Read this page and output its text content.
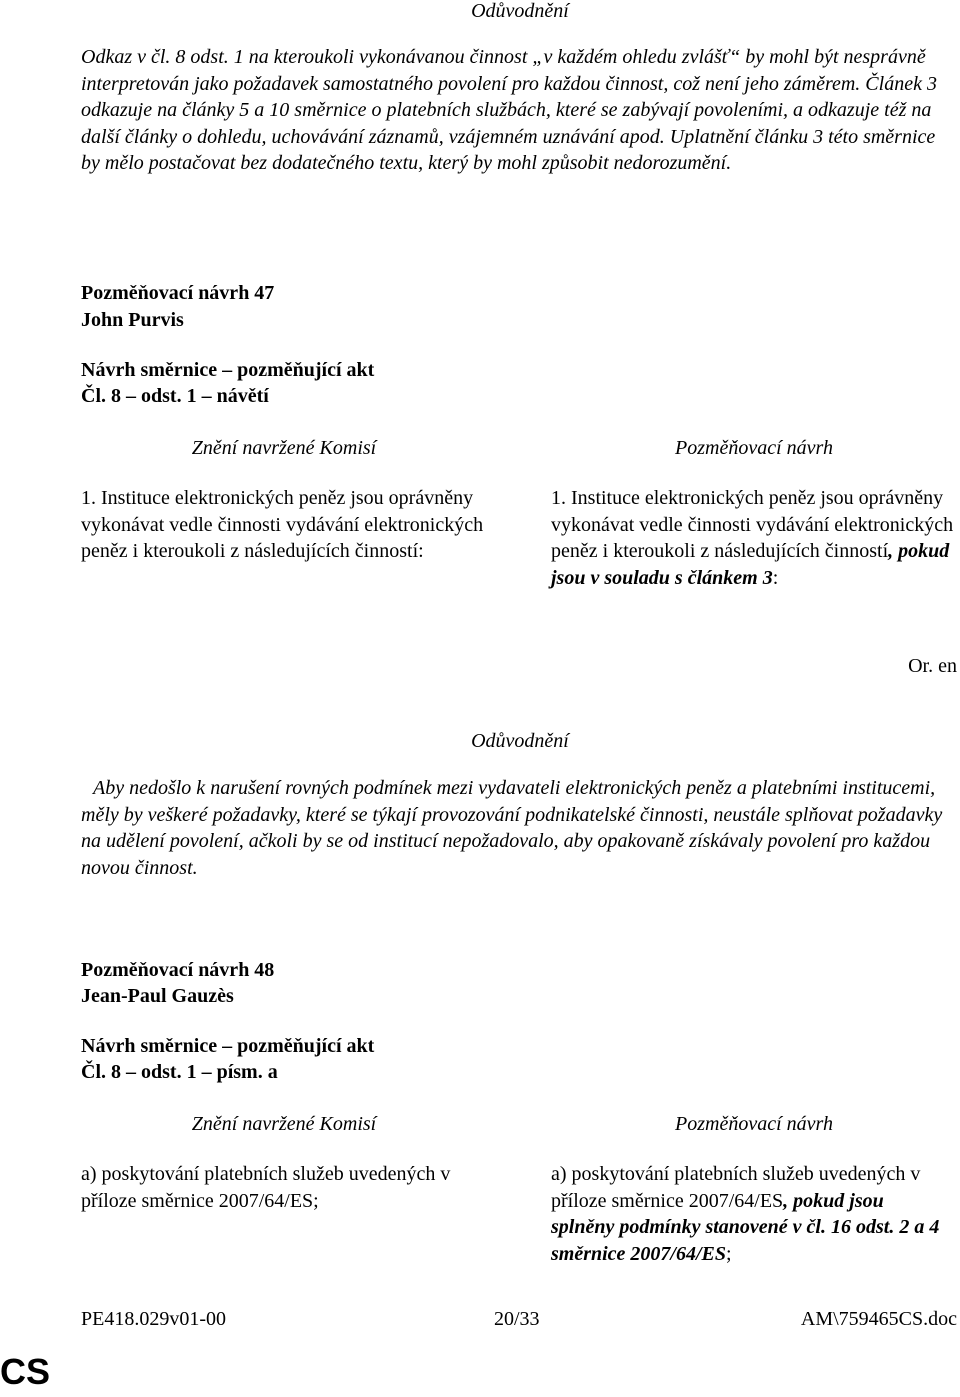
Odůvodnění
Odkaz v čl. 8 odst. 1 na kteroukoli vykonávanou činnost „v každém ohledu zvlášť“ by mohl být nesprávně interpretován jako požadavek samostatného povolení pro každou činnost, což není jeho záměrem. Článek 3 odkazuje na články 5 a 10 směrnice o platebních službách, které se zabývají povoleními, a odkazuje též na další články o dohledu, uchovávání záznamů, vzájemném uznávání apod. Uplatnění článku 3 této směrnice by mělo postačovat bez dodatečného textu, který by mohl způsobit nedorozumění.
Pozměňovací návrh 47
John Purvis
Návrh směrnice – pozměňující akt
Čl. 8 – odst. 1 – návětí
Znění navržené Komisí	Pozměňovací návrh
1. Instituce elektronických peněz jsou oprávněny vykonávat vedle činnosti vydávání elektronických peněz i kteroukoli z následujících činností:
1. Instituce elektronických peněz jsou oprávněny vykonávat vedle činnosti vydávání elektronických peněz i kteroukoli z následujících činností, pokud jsou v souladu s článkem 3:
Or. en
Odůvodnění
Aby nedošlo k narušení rovných podmínek mezi vydavateli elektronických peněz a platebními institucemi, měly by veškeré požadavky, které se týkají provozování podnikatelské činnosti, neustále splňovat požadavky na udělení povolení, ačkoli by se od institucí nepožadovalo, aby opakovaně získávaly povolení pro každou novou činnost.
Pozměňovací návrh 48
Jean-Paul Gauzès
Návrh směrnice – pozměňující akt
Čl. 8 – odst. 1 – písm. a
Znění navržené Komisí	Pozměňovací návrh
a) poskytování platebních služeb uvedených v příloze směrnice 2007/64/ES;
a) poskytování platebních služeb uvedených v příloze směrnice 2007/64/ES, pokud jsou splněny podmínky stanovené v čl. 16 odst. 2 a 4 směrnice 2007/64/ES;
PE418.029v01-00	20/33	AM\759465CS.doc
CS
